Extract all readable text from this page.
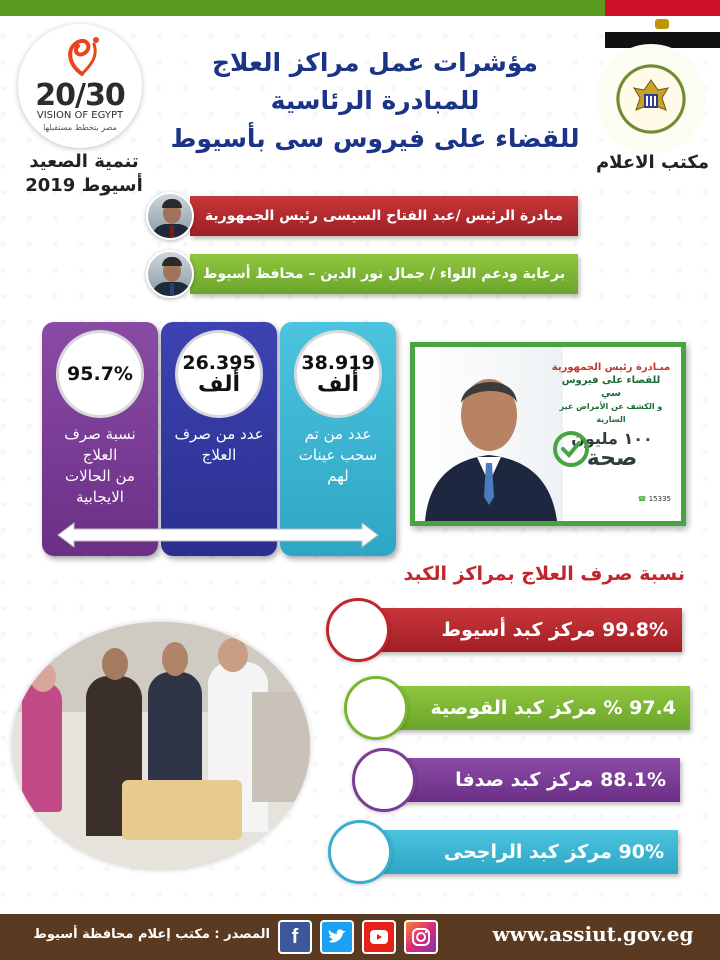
مكتب الاعلام
مؤشرات عمل مراكز العلاج
للمبادرة الرئاسية
للقضاء على فيروس سى بأسيوط
20/30
VISION OF EGYPT
مصر بتخطط مستقبلها
تنمية الصعيد
أسيوط 2019
مبادرة الرئيس /عبد الفتاح السيسى رئيس الجمهورية
برعاية ودعم اللواء / جمال نور الدين – محافظ أسيوط
95.7%
نسبة صرف العلاج
من الحالات الايجابية
26.395
ألف
عدد من صرف العلاج
38.919
ألف
عدد من تم سحب عينات لهم
مبـادرة رئيس الجمهورية
للقضاء على فيروس سي
و الكشف عن الأمراض غير السارية
١٠٠ مليون
صحة
☎ 15335
نسبة صرف العلاج بمراكز الكبد
99.8% مركز كبد أسيوط
97.4 % مركز كبد القوصية
88.1% مركز كبد صدفا
90% مركز كبد الراجحى
www.assiut.gov.eg
f
المصدر : مكتب إعلام محافظة أسيوط
